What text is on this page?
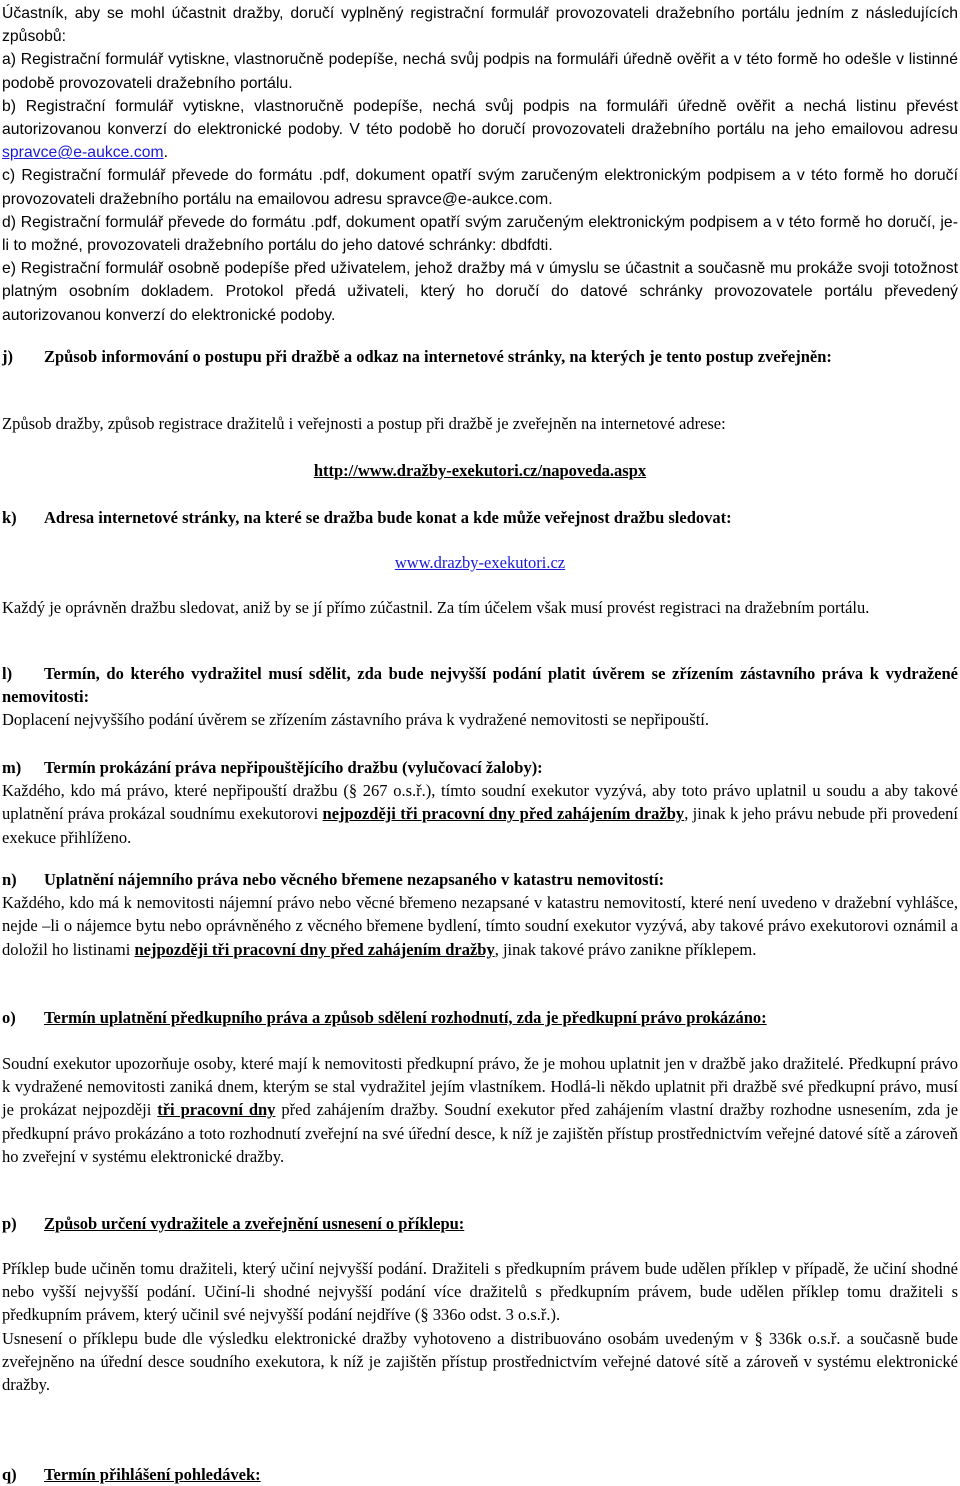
Účastník, aby se mohl účastnit dražby, doručí vyplněný registrační formulář provozovateli dražebního portálu jedním z následujících způsobů:

a) Registrační formulář vytiskne, vlastnoručně podepíše, nechá svůj podpis na formuláři úředně ověřit a v této formě ho odešle v listinné podobě provozovateli dražebního portálu.

b) Registrační formulář vytiskne, vlastnoručně podepíše, nechá svůj podpis na formuláři úředně ověřit a nechá listinu převést autorizovanou konverzí do elektronické podoby. V této podobě ho doručí provozovateli dražebního portálu na jeho emailovou adresu spravce@e-aukce.com.

c) Registrační formulář převede do formátu .pdf, dokument opatří svým zaručeným elektronickým podpisem a v této formě ho doručí provozovateli dražebního portálu na emailovou adresu spravce@e-aukce.com.

d) Registrační formulář převede do formátu .pdf, dokument opatří svým zaručeným elektronickým podpisem a v této formě ho doručí, je-li to možné, provozovateli dražebního portálu do jeho datové schránky: dbdfdti.

e) Registrační formulář osobně podepíše před uživatelem, jehož dražby má v úmyslu se účastnit a současně mu prokáže svoji totožnost platným osobním dokladem. Protokol předá uživateli, který ho doručí do datové schránky provozovatele portálu převedený autorizovanou konverzí do elektronické podoby.

j) Způsob informování o postupu při dražbě a odkaz na internetové stránky, na kterých je tento postup zveřejněn:

Způsob dražby, způsob registrace dražitelů i veřejnosti a postup při dražbě je zveřejněn na internetové adrese:

http://www.dražby-exekutori.cz/napoveda.aspx

k) Adresa internetové stránky, na které se dražba bude konat a kde může veřejnost dražbu sledovat:

www.drazby-exekutori.cz

Každý je oprávněn dražbu sledovat, aniž by se jí přímo zúčastnil. Za tím účelem však musí provést registraci na dražebním portálu.

l) Termín, do kterého vydražitel musí sdělit, zda bude nejvyšší podání platit úvěrem se zřízením zástavního práva k vydražené nemovitosti:

Doplacení nejvyššího podání úvěrem se zřízením zástavního práva k vydražené nemovitosti se nepřipouští.

m) Termín prokázání práva nepřipouštějícího dražbu (vylučovací žaloby):

Každého, kdo má právo, které nepřipouští dražbu (§ 267 o.s.ř.), tímto soudní exekutor vyzývá, aby toto právo uplatnil u soudu a aby takové uplatnění práva prokázal soudnímu exekutorovi nejpozději tři pracovní dny před zahájením dražby, jinak k jeho právu nebude při provedení exekuce přihlíženo.

n) Uplatnění nájemního práva nebo věcného břemene nezapsaného v katastru nemovitostí:

Každého, kdo má k nemovitosti nájemní právo nebo věcné břemeno nezapsané v katastru nemovitostí, které není uvedeno v dražební vyhlášce, nejde –li o nájemce bytu nebo oprávněného z věcného břemene bydlení, tímto soudní exekutor vyzývá, aby takové právo exekutorovi oznámil a doložil ho listinami nejpozději tři pracovní dny před zahájením dražby, jinak takové právo zanikne příklepem.

o) Termín uplatnění předkupního práva a způsob sdělení rozhodnutí, zda je předkupní právo prokázáno:

Soudní exekutor upozorňuje osoby, které mají k nemovitosti předkupní právo, že je mohou uplatnit jen v dražbě jako dražitelé. Předkupní právo k vydražené nemovitosti zaniká dnem, kterým se stal vydražitel jejím vlastníkem. Hodlá-li někdo uplatnit při dražbě své předkupní právo, musí je prokázat nejpozději tři pracovní dny před zahájením dražby. Soudní exekutor před zahájením vlastní dražby rozhodne usnesením, zda je předkupní právo prokázáno a toto rozhodnutí zveřejní na své úřední desce, k níž je zajištěn přístup prostřednictvím veřejné datové sítě a zároveň ho zveřejní v systému elektronické dražby.

p) Způsob určení vydražitele a zveřejnění usnesení o příklepu:

Příklep bude učiněn tomu dražiteli, který učiní nejvyšší podání. Dražiteli s předkupním právem bude udělen příklep v případě, že učiní shodné nebo vyšší nejvyšší podání. Učiní-li shodné nejvyšší podání více dražitelů s předkupním právem, bude udělen příklep tomu dražiteli s předkupním právem, který učinil své nejvyšší podání nejdříve (§ 336o odst. 3 o.s.ř.).

Usnesení o příklepu bude dle výsledku elektronické dražby vyhotoveno a distribuováno osobám uvedeným v § 336k o.s.ř. a současně bude zveřejněno na úřední desce soudního exekutora, k níž je zajištěn přístup prostřednictvím veřejné datové sítě a zároveň v systému elektronické dražby.

q) Termín přihlášení pohledávek:
